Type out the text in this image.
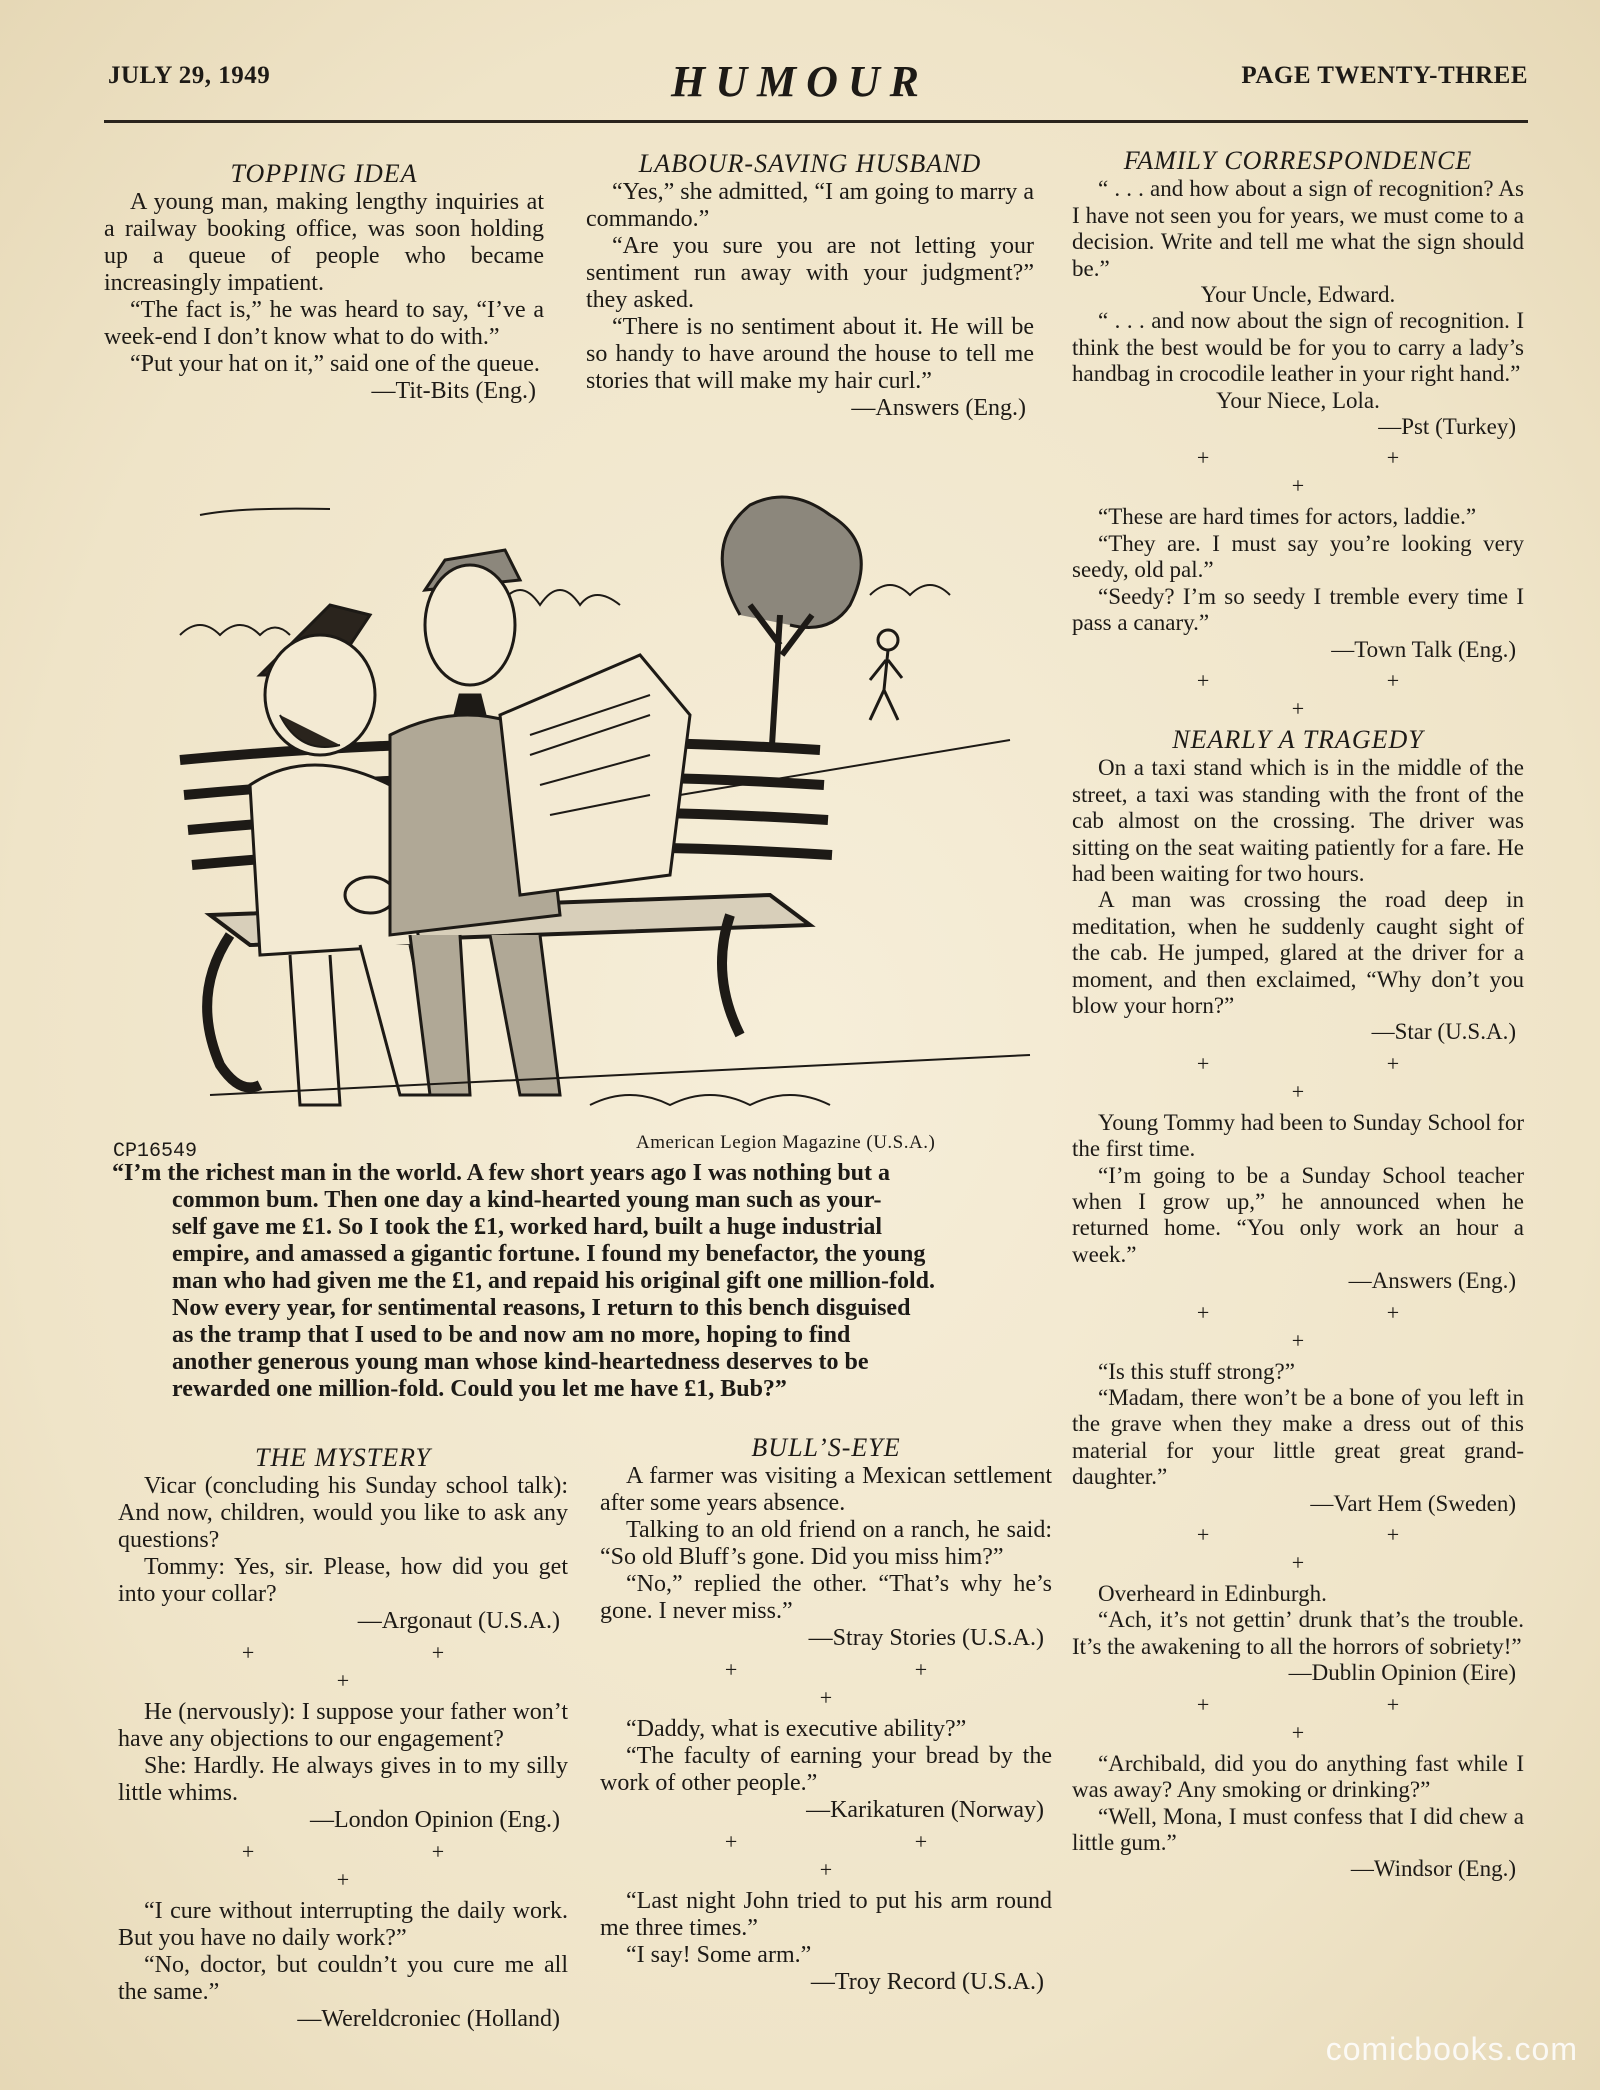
JULY 29, 1949	HUMOUR	PAGE TWENTY-THREE

TOPPING IDEA

A young man, making lengthy inquiries at a railway booking office, was soon holding up a queue of people who became increasingly impatient.

“The fact is,” he was heard to say, “I’ve a week-end I don’t know what to do with.”

“Put your hat on it,” said one of the queue.

—Tit-Bits (Eng.)

LABOUR-SAVING HUSBAND

“Yes,” she admitted, “I am going to marry a commando.”

“Are you sure you are not letting your sentiment run away with your judgment?” they asked.

“There is no sentiment about it. He will be so handy to have around the house to tell me stories that will make my hair curl.”

—Answers (Eng.)

CP16549	American Legion Magazine (U.S.A.)
“I’m the richest man in the world. A few short years ago I was nothing but a
common bum. Then one day a kind-hearted young man such as your-
self gave me £1. So I took the £1, worked hard, built a huge industrial
empire, and amassed a gigantic fortune. I found my benefactor, the young
man who had given me the £1, and repaid his original gift one million-fold.
Now every year, for sentimental reasons, I return to this bench disguised
as the tramp that I used to be and now am no more, hoping to find
another generous young man whose kind-heartedness deserves to be
rewarded one million-fold. Could you let me have £1, Bub?”

THE MYSTERY

Vicar (concluding his Sunday school talk): And now, children, would you like to ask any questions?

Tommy: Yes, sir. Please, how did you get into your collar?

—Argonaut (U.S.A.)

+ + +

He (nervously): I suppose your father won’t have any objections to our engagement?

She: Hardly. He always gives in to my silly little whims.

—London Opinion (Eng.)

+ + +

“I cure without interrupting the daily work. But you have no daily work?”

“No, doctor, but couldn’t you cure me all the same.”

—Wereldcroniec (Holland)

BULL’S-EYE

A farmer was visiting a Mexican settlement after some years absence.

Talking to an old friend on a ranch, he said: “So old Bluff’s gone. Did you miss him?”

“No,” replied the other. “That’s why he’s gone. I never miss.”

—Stray Stories (U.S.A.)

+ + +

“Daddy, what is executive ability?”

“The faculty of earning your bread by the work of other people.”

—Karikaturen (Norway)

+ + +

“Last night John tried to put his arm round me three times.”

“I say! Some arm.”

—Troy Record (U.S.A.)

FAMILY CORRESPONDENCE

“ . . . and how about a sign of recognition? As I have not seen you for years, we must come to a decision. Write and tell me what the sign should be.”

Your Uncle, Edward.

“ . . . and now about the sign of recognition. I think the best would be for you to carry a lady’s handbag in crocodile leather in your right hand.”

Your Niece, Lola.

—Pst (Turkey)

+ + +

“These are hard times for actors, laddie.”

“They are. I must say you’re looking very seedy, old pal.”

“Seedy? I’m so seedy I tremble every time I pass a canary.”

—Town Talk (Eng.)

+ + +

NEARLY A TRAGEDY

On a taxi stand which is in the middle of the street, a taxi was standing with the front of the cab almost on the crossing. The driver was sitting on the seat waiting patiently for a fare. He had been waiting for two hours.

A man was crossing the road deep in meditation, when he suddenly caught sight of the cab. He jumped, glared at the driver for a moment, and then exclaimed, “Why don’t you blow your horn?”

—Star (U.S.A.)

+ + +

Young Tommy had been to Sunday School for the first time.

“I’m going to be a Sunday School teacher when I grow up,” he announced when he returned home. “You only work an hour a week.”

—Answers (Eng.)

+ + +

“Is this stuff strong?”

“Madam, there won’t be a bone of you left in the grave when they make a dress out of this material for your little great great grand-daughter.”

—Vart Hem (Sweden)

+ + +

Overheard in Edinburgh.

“Ach, it’s not gettin’ drunk that’s the trouble. It’s the awakening to all the horrors of sobriety!”

—Dublin Opinion (Eire)

+ + +

“Archibald, did you do anything fast while I was away? Any smoking or drinking?”

“Well, Mona, I must confess that I did chew a little gum.”

—Windsor (Eng.)

comicbooks.com
